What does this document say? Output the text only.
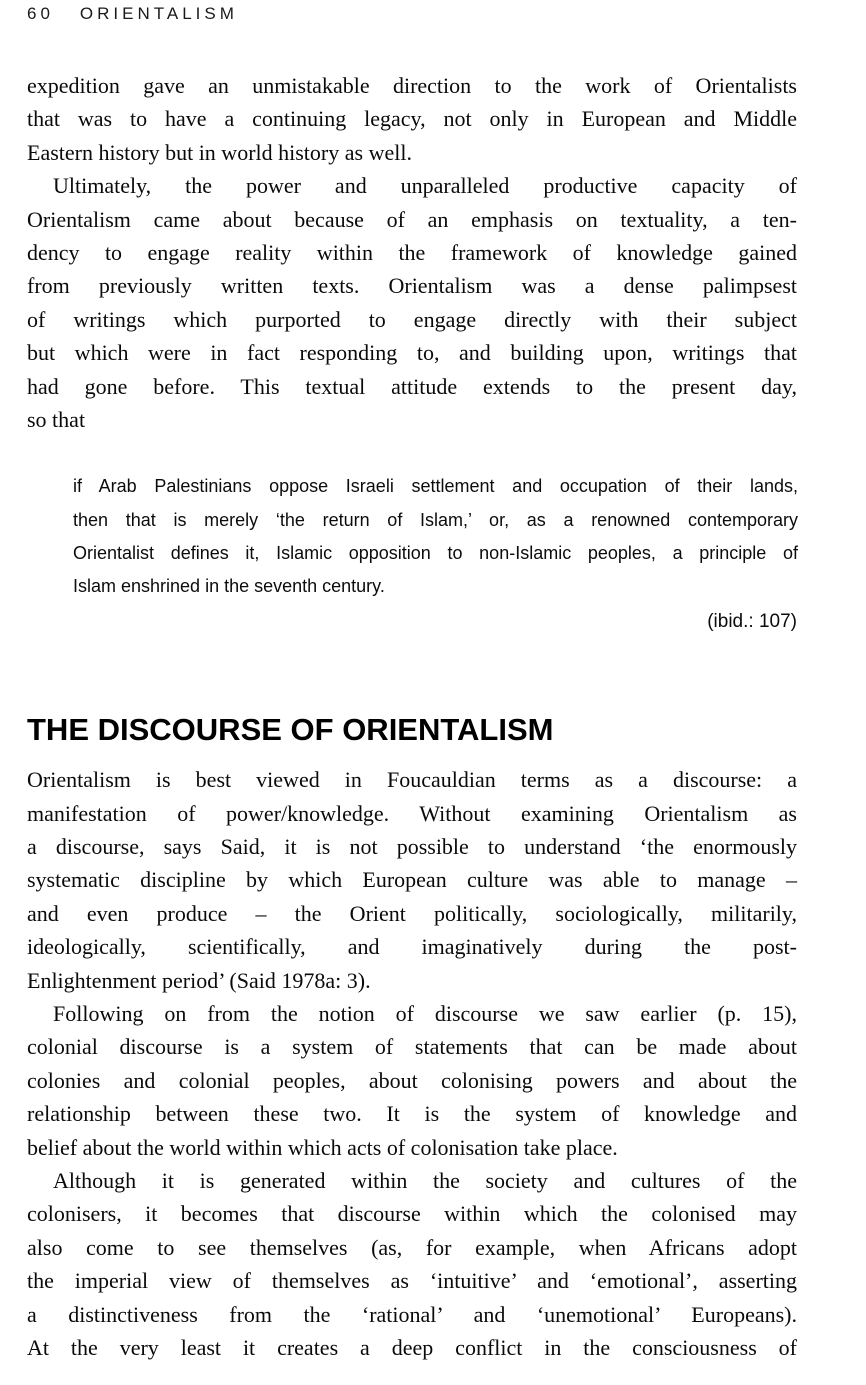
60 ORIENTALISM

expedition gave an unmistakable direction to the work of Orientalists
that was to have a continuing legacy, not only in European and Middle
Eastern history but in world history as well.

Ultimately, the power and unparalleled productive capacity of
Orientalism came about because of an emphasis on textuality, a ten-
dency to engage reality within the framework of knowledge gained
from previously written texts. Orientalism was a dense palimpsest
of writings which purported to engage directly with their subject
but which were in fact responding to, and building upon, writings that
had gone before. This textual attitude extends to the present day,
so that

if Arab Palestinians oppose Israeli settlement and occupation of their lands,
then that is merely ‘the return of Islam,’ or, as a renowned contemporary
Orientalist defines it, Islamic opposition to non-Islamic peoples, a principle of
Islam enshrined in the seventh century.
(ibid.: 107)
THE DISCOURSE OF ORIENTALISM

Orientalism is best viewed in Foucauldian terms as a discourse: a
manifestation of power/knowledge. Without examining Orientalism as
a discourse, says Said, it is not possible to understand ‘the enormously
systematic discipline by which European culture was able to manage –
and even produce – the Orient politically, sociologically, militarily,
ideologically, scientifically, and imaginatively during the post-
Enlightenment period’ (Said 1978a: 3).

Following on from the notion of discourse we saw earlier (p. 15),
colonial discourse is a system of statements that can be made about
colonies and colonial peoples, about colonising powers and about the
relationship between these two. It is the system of knowledge and
belief about the world within which acts of colonisation take place.

Although it is generated within the society and cultures of the
colonisers, it becomes that discourse within which the colonised may
also come to see themselves (as, for example, when Africans adopt
the imperial view of themselves as ‘intuitive’ and ‘emotional’, asserting
a distinctiveness from the ‘rational’ and ‘unemotional’ Europeans).
At the very least it creates a deep conflict in the consciousness of
